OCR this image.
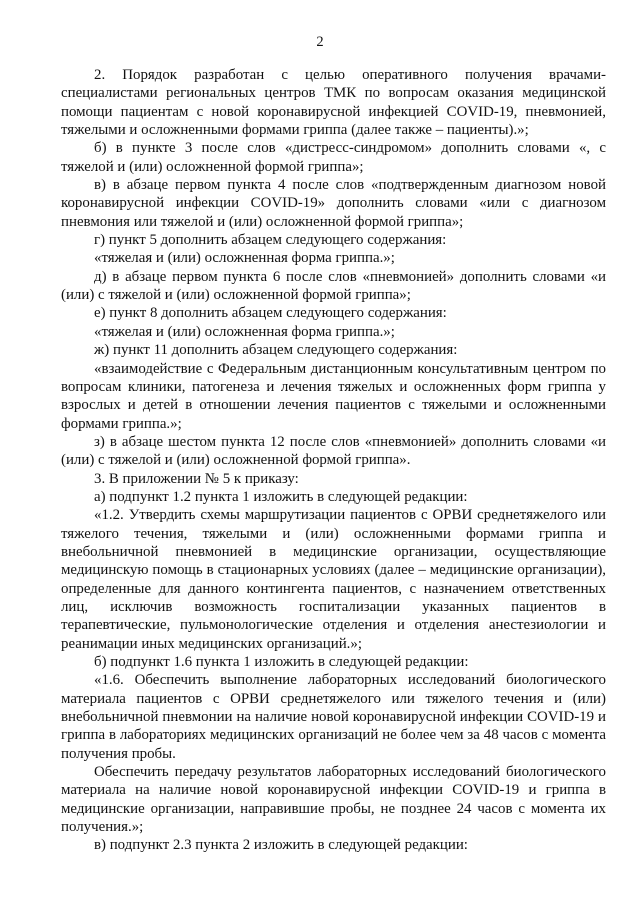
2

2. Порядок разработан с целью оперативного получения врачами-специалистами региональных центров ТМК по вопросам оказания медицинской помощи пациентам с новой коронавирусной инфекцией COVID-19, пневмонией, тяжелыми и осложненными формами гриппа (далее также – пациенты).»;

б) в пункте 3 после слов «дистресс-синдромом» дополнить словами «, с тяжелой и (или) осложненной формой гриппа»;

в) в абзаце первом пункта 4 после слов «подтвержденным диагнозом новой коронавирусной инфекции COVID-19» дополнить словами «или с диагнозом пневмония или тяжелой и (или) осложненной формой гриппа»;

г) пункт 5 дополнить абзацем следующего содержания:

«тяжелая и (или) осложненная форма гриппа.»;

д) в абзаце первом пункта 6 после слов «пневмонией» дополнить словами «и (или) с тяжелой и (или) осложненной формой гриппа»;

е) пункт 8 дополнить абзацем следующего содержания:

«тяжелая и (или) осложненная форма гриппа.»;

ж) пункт 11 дополнить абзацем следующего содержания:

«взаимодействие с Федеральным дистанционным консультативным центром по вопросам клиники, патогенеза и лечения тяжелых и осложненных форм гриппа у взрослых и детей в отношении лечения пациентов с тяжелыми и осложненными формами гриппа.»;

з) в абзаце шестом пункта 12 после слов «пневмонией» дополнить словами «и (или) с тяжелой и (или) осложненной формой гриппа».

3. В приложении № 5 к приказу:

а) подпункт 1.2 пункта 1 изложить в следующей редакции:

«1.2. Утвердить схемы маршрутизации пациентов с ОРВИ среднетяжелого или тяжелого течения, тяжелыми и (или) осложненными формами гриппа и внебольничной пневмонией в медицинские организации, осуществляющие медицинскую помощь в стационарных условиях (далее – медицинские организации), определенные для данного контингента пациентов, с назначением ответственных лиц, исключив возможность госпитализации указанных пациентов в терапевтические, пульмонологические отделения и отделения анестезиологии и реанимации иных медицинских организаций.»;

б) подпункт 1.6 пункта 1 изложить в следующей редакции:

«1.6. Обеспечить выполнение лабораторных исследований биологического материала пациентов с ОРВИ среднетяжелого или тяжелого течения и (или) внебольничной пневмонии на наличие новой коронавирусной инфекции COVID-19 и гриппа в лабораториях медицинских организаций не более чем за 48 часов с момента получения пробы.

Обеспечить передачу результатов лабораторных исследований биологического материала на наличие новой коронавирусной инфекции COVID-19 и гриппа в медицинские организации, направившие пробы, не позднее 24 часов с момента их получения.»;

в) подпункт 2.3 пункта 2 изложить в следующей редакции:
